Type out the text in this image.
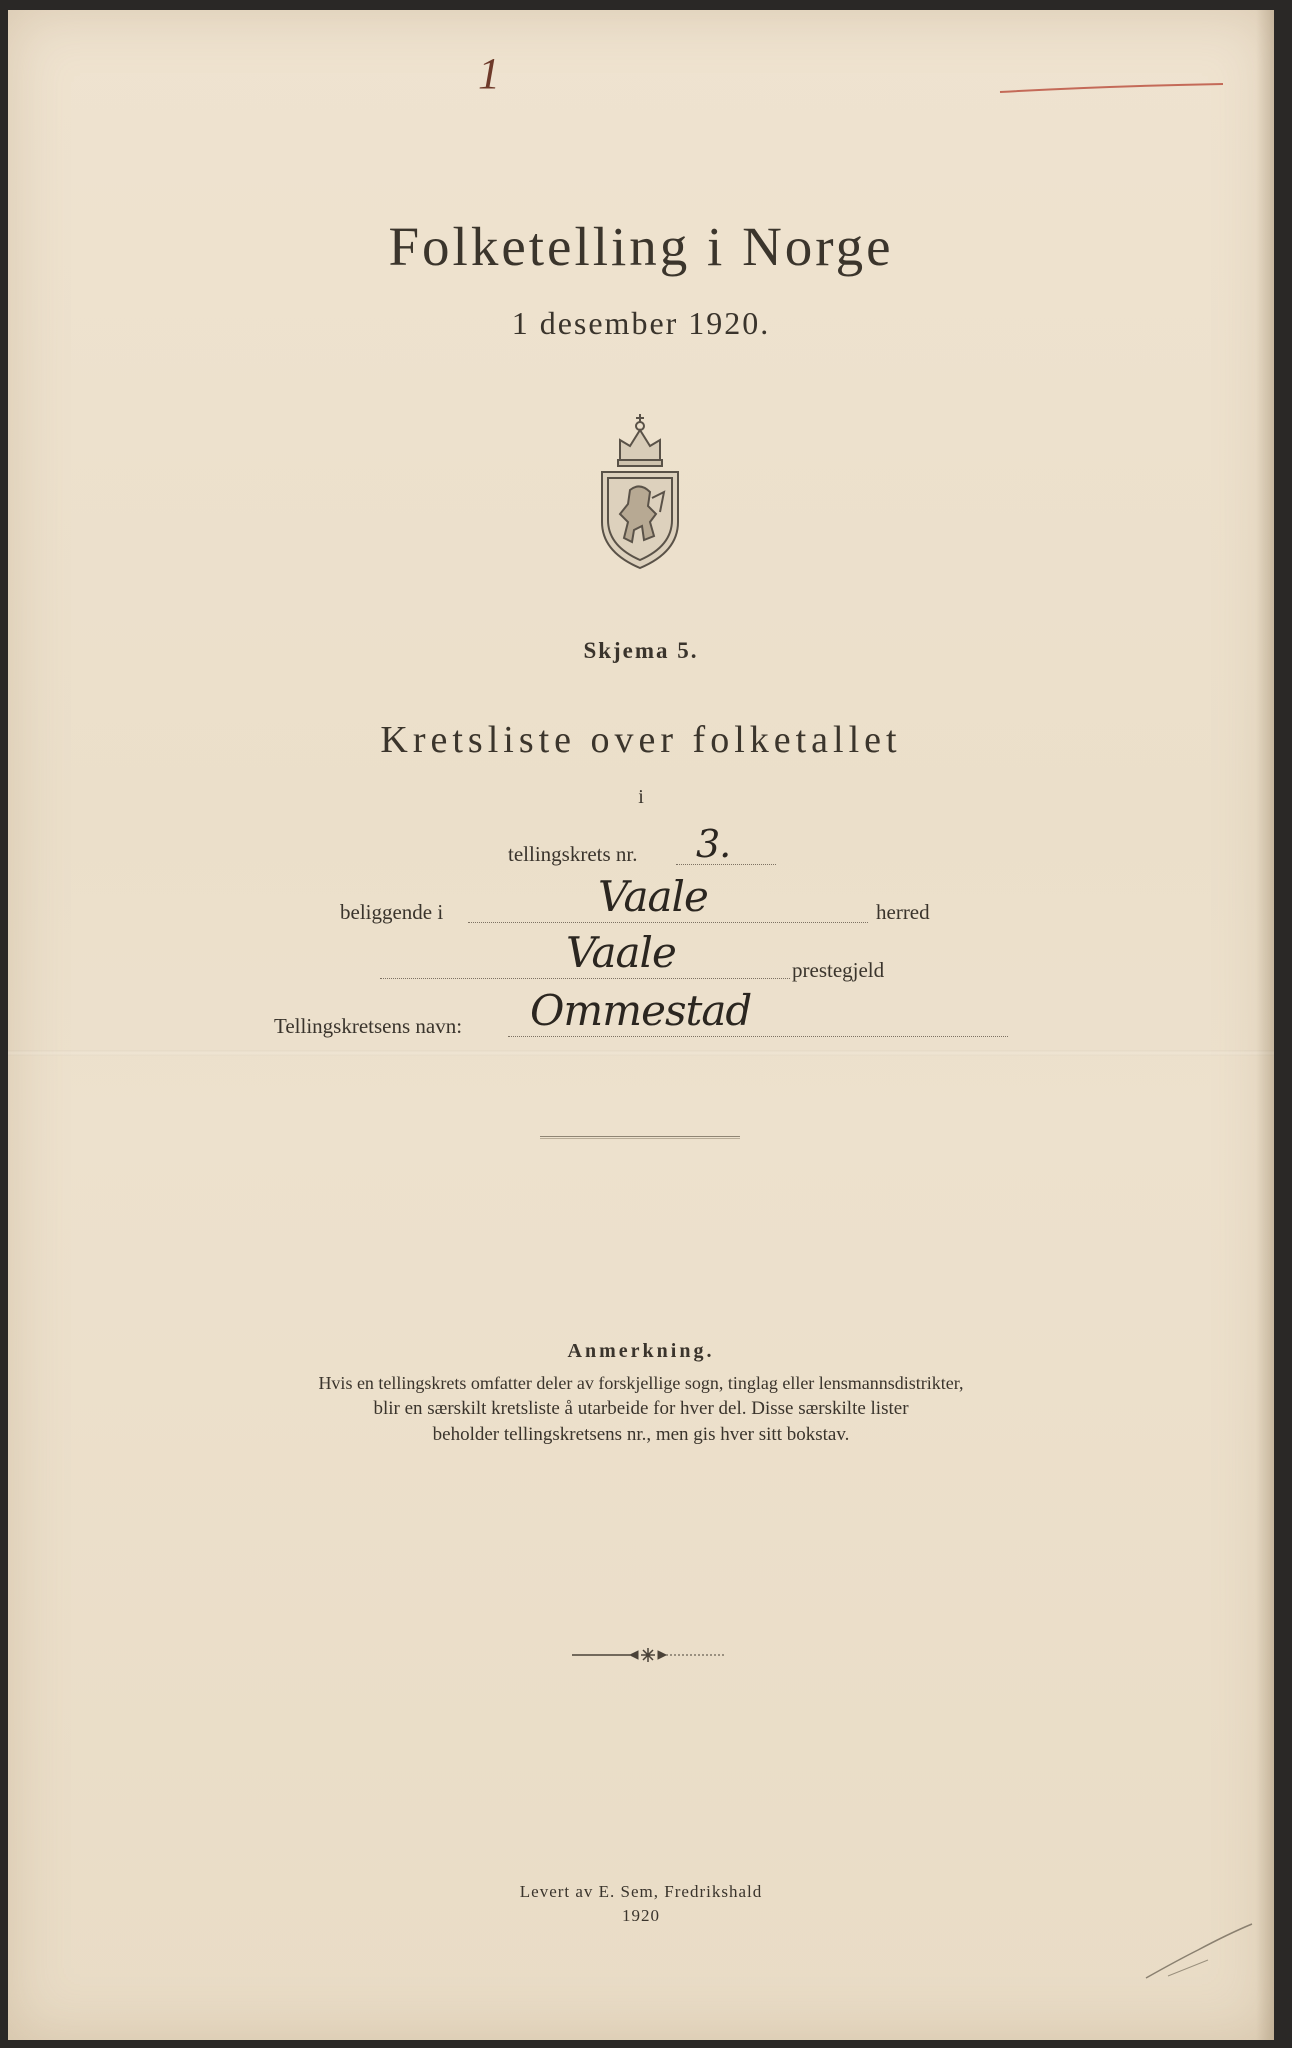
1
Folketelling i Norge
1 desember 1920.
Skjema 5.
Kretsliste over folketallet
i
tellingskrets nr. 3.
beliggende i	Vaale	herred
Vaale	prestegjeld
Tellingskretsens navn: Ommestad
Anmerkning.
Hvis en tellingskrets omfatter deler av forskjellige sogn, tinglag eller lensmannsdistrikter,
blir en særskilt kretsliste å utarbeide for hver del. Disse særskilte lister
beholder tellingskretsens nr., men gis hver sitt bokstav.
Levert av E. Sem, Fredrikshald
1920
